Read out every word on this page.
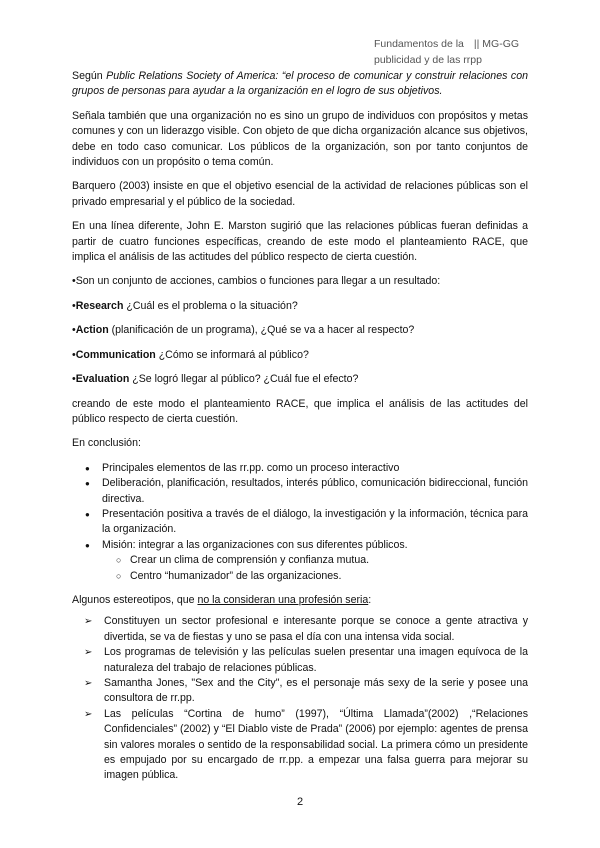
Fundamentos de la || MG-GG
publicidad y de las rrpp

Según Public Relations Society of America: “el proceso de comunicar y construir relaciones con grupos de personas para ayudar a la organización en el logro de sus objetivos.

Señala también que una organización no es sino un grupo de individuos con propósitos y metas comunes y con un liderazgo visible. Con objeto de que dicha organización alcance sus objetivos, debe en todo caso comunicar. Los públicos de la organización, son por tanto conjuntos de individuos con un propósito o tema común.

Barquero (2003) insiste en que el objetivo esencial de la actividad de relaciones públicas son el privado empresarial y el público de la sociedad.

En una línea diferente, John E. Marston sugirió que las relaciones públicas fueran definidas a partir de cuatro funciones específicas, creando de este modo el planteamiento RACE, que implica el análisis de las actitudes del público respecto de cierta cuestión.

•Son un conjunto de acciones, cambios o funciones para llegar a un resultado:

•Research ¿Cuál es el problema o la situación?

•Action (planificación de un programa), ¿Qué se va a hacer al respecto?

•Communication ¿Cómo se informará al público?

•Evaluation ¿Se logró llegar al público? ¿Cuál fue el efecto?

creando de este modo el planteamiento RACE, que implica el análisis de las actitudes del público respecto de cierta cuestión.

En conclusión:

● Principales elementos de las rr.pp. como un proceso interactivo
● Deliberación, planificación, resultados, interés público, comunicación bidireccional, función directiva.
● Presentación positiva a través de el diálogo, la investigación y la información, técnica para la organización.
● Misión: integrar a las organizaciones con sus diferentes públicos.
○ Crear un clima de comprensión y confianza mutua.
○ Centro “humanizador” de las organizaciones.

Algunos estereotipos, que no la consideran una profesión seria:

➢ Constituyen un sector profesional e interesante porque se conoce a gente atractiva y divertida, se va de fiestas y uno se pasa el día con una intensa vida social.
➢ Los programas de televisión y las películas suelen presentar una imagen equívoca de la naturaleza del trabajo de relaciones públicas.
➢ Samantha Jones, "Sex and the City", es el personaje más sexy de la serie y posee una consultora de rr.pp.
➢ Las películas “Cortina de humo” (1997), “Última Llamada”(2002) ,“Relaciones Confidenciales” (2002) y “El Diablo viste de Prada” (2006) por ejemplo: agentes de prensa sin valores morales o sentido de la responsabilidad social. La primera cómo un presidente es empujado por su encargado de rr.pp. a empezar una falsa guerra para mejorar su imagen pública.
2
